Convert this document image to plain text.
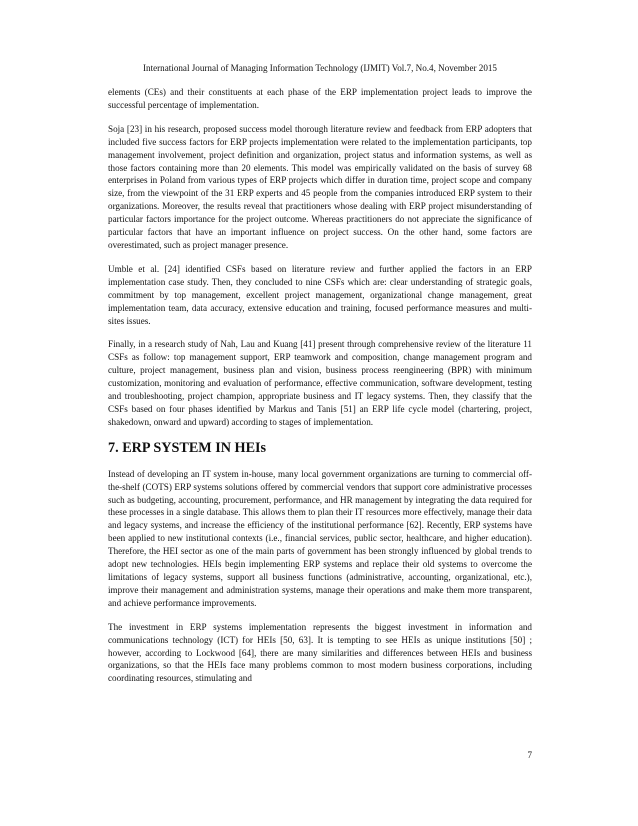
International Journal of Managing Information Technology (IJMIT) Vol.7, No.4, November 2015

elements (CEs) and their constituents at each phase of the ERP implementation project leads to improve the successful percentage of implementation.

Soja [23] in his research, proposed success model thorough literature review and feedback from ERP adopters that included five success factors for ERP projects implementation were related to the implementation participants, top management involvement, project definition and organization, project status and information systems, as well as those factors containing more than 20 elements. This model was empirically validated on the basis of survey 68 enterprises in Poland from various types of ERP projects which differ in duration time, project scope and company size, from the viewpoint of the 31 ERP experts and 45 people from the companies introduced ERP system to their organizations. Moreover, the results reveal that practitioners whose dealing with ERP project misunderstanding of particular factors importance for the project outcome. Whereas practitioners do not appreciate the significance of particular factors that have an important influence on project success. On the other hand, some factors are overestimated, such as project manager presence.

Umble et al. [24] identified CSFs based on literature review and further applied the factors in an ERP implementation case study. Then, they concluded to nine CSFs which are: clear understanding of strategic goals, commitment by top management, excellent project management, organizational change management, great implementation team, data accuracy, extensive education and training, focused performance measures and multi-sites issues.

Finally, in a research study of Nah, Lau and Kuang [41] present through comprehensive review of the literature 11 CSFs as follow: top management support, ERP teamwork and composition, change management program and culture, project management, business plan and vision, business process reengineering (BPR) with minimum customization, monitoring and evaluation of performance, effective communication, software development, testing and troubleshooting, project champion, appropriate business and IT legacy systems. Then, they classify that the CSFs based on four phases identified by Markus and Tanis [51] an ERP life cycle model (chartering, project, shakedown, onward and upward) according to stages of implementation.

7. ERP SYSTEM IN HEIs

Instead of developing an IT system in-house, many local government organizations are turning to commercial off-the-shelf (COTS) ERP systems solutions offered by commercial vendors that support core administrative processes such as budgeting, accounting, procurement, performance, and HR management by integrating the data required for these processes in a single database. This allows them to plan their IT resources more effectively, manage their data and legacy systems, and increase the efficiency of the institutional performance [62]. Recently, ERP systems have been applied to new institutional contexts (i.e., financial services, public sector, healthcare, and higher education). Therefore, the HEI sector as one of the main parts of government has been strongly influenced by global trends to adopt new technologies. HEIs begin implementing ERP systems and replace their old systems to overcome the limitations of legacy systems, support all business functions (administrative, accounting, organizational, etc.), improve their management and administration systems, manage their operations and make them more transparent, and achieve performance improvements.

The investment in ERP systems implementation represents the biggest investment in information and communications technology (ICT) for HEIs [50, 63]. It is tempting to see HEIs as unique institutions [50] ; however, according to Lockwood [64], there are many similarities and differences between HEIs and business organizations, so that the HEIs face many problems common to most modern business corporations, including coordinating resources, stimulating and

7
